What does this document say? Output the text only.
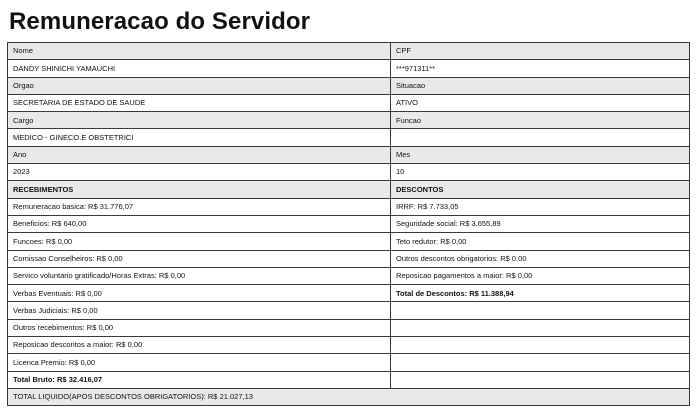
Remuneracao do Servidor
Nome	CPF
DANDY SHINICHI YAMAUCHI	***971311**
Orgao	Situacao
SECRETARIA DE ESTADO DE SAUDE	ATIVO
Cargo	Funcao
MEDICO - GINECO.E OBSTETRICI	
Ano	Mes
2023	10
RECEBIMENTOS	DESCONTOS
Remuneracao basica: R$ 31.776,07	IRRF: R$ 7.733,05
Beneficios: R$ 640,00	Seguridade social: R$ 3.655,89
Funcoes: R$ 0,00	Teto redutor: R$ 0,00
Comissao Conselheiros: R$ 0,00	Outros descontos obrigatorios: R$ 0,00
Servico voluntario gratificado/Horas Extras: R$ 0,00	Reposicao pagamentos a maior: R$ 0,00
Verbas Eventuais: R$ 0,00	Total de Descontos: R$ 11.388,94
Verbas Judiciais: R$ 0,00	
Outros recebimentos: R$ 0,00	
Reposicao descontos a maior: R$ 0,00	
Licenca Premio: R$ 0,00	
Total Bruto: R$ 32.416,07	
TOTAL LIQUIDO(APOS DESCONTOS OBRIGATORIOS): R$ 21.027,13	
